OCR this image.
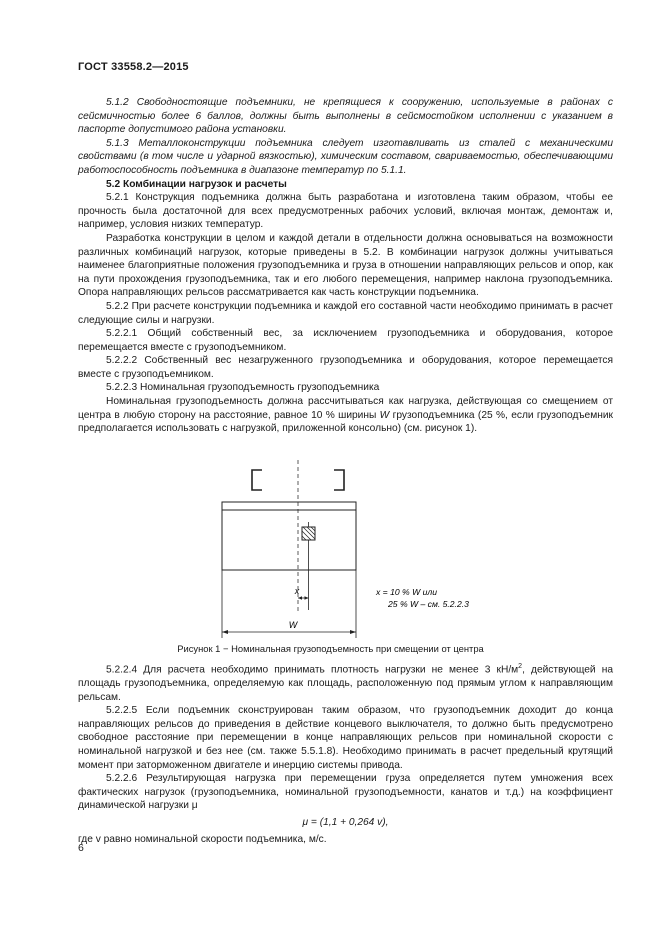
ГОСТ 33558.2—2015

5.1.2 Свободностоящие подъемники, не крепящиеся к сооружению, используемые в районах с сейсмичностью более 6 баллов, должны быть выполнены в сейсмостойком исполнении с указанием в паспорте допустимого района установки.

5.1.3 Металлоконструкции подъемника следует изготавливать из сталей с механическими свойствами (в том числе и ударной вязкостью), химическим составом, свариваемостью, обеспечивающими работоспособность подъемника в диапазоне температур по 5.1.1.

5.2 Комбинации нагрузок и расчеты

5.2.1 Конструкция подъемника должна быть разработана и изготовлена таким образом, чтобы ее прочность была достаточной для всех предусмотренных рабочих условий, включая монтаж, демонтаж и, например, условия низких температур.

Разработка конструкции в целом и каждой детали в отдельности должна основываться на возможности различных комбинаций нагрузок, которые приведены в 5.2. В комбинации нагрузок должны учитываться наименее благоприятные положения грузоподъемника и груза в отношении направляющих рельсов и опор, как на пути прохождения грузоподъемника, так и его любого перемещения, например наклона грузоподъемника. Опора направляющих рельсов рассматривается как часть конструкции подъемника.

5.2.2 При расчете конструкции подъемника и каждой его составной части необходимо принимать в расчет следующие силы и нагрузки.

5.2.2.1 Общий собственный вес, за исключением грузоподъемника и оборудования, которое перемещается вместе с грузоподъемником.

5.2.2.2 Собственный вес незагруженного грузоподъемника и оборудования, которое перемещается вместе с грузоподъемником.

5.2.2.3 Номинальная грузоподъемность грузоподъемника

Номинальная грузоподъемность должна рассчитываться как нагрузка, действующая со смещением от центра в любую сторону на расстояние, равное 10 % ширины W грузоподъемника (25 %, если грузоподъемник предполагается использовать с нагрузкой, приложенной консольно) (см. рисунок 1).

x
W
x = 10 % W или
25 % W – см. 5.2.2.3
Рисунок 1 − Номинальная грузоподъемность при смещении от центра

5.2.2.4 Для расчета необходимо принимать плотность нагрузки не менее 3 $кН/м^2$, действующей на площадь грузоподъемника, определяемую как площадь, расположенную под прямым углом к направляющим рельсам.

5.2.2.5 Если подъемник сконструирован таким образом, что грузоподъемник доходит до конца направляющих рельсов до приведения в действие концевого выключателя, то должно быть предусмотрено свободное расстояние при перемещении в конце направляющих рельсов при номинальной скорости с номинальной нагрузкой и без нее (см. также 5.5.1.8). Необходимо принимать в расчет предельный крутящий момент при заторможенном двигателе и инерцию системы привода.

5.2.2.6 Результирующая нагрузка при перемещении груза определяется путем умножения всех фактических нагрузок (грузоподъемника, номинальной грузоподъемности, канатов и т.д.) на коэффициент динамической нагрузки μ

μ = (1,1 + 0,264 v),

где v равно номинальной скорости подъемника, м/с.

6
